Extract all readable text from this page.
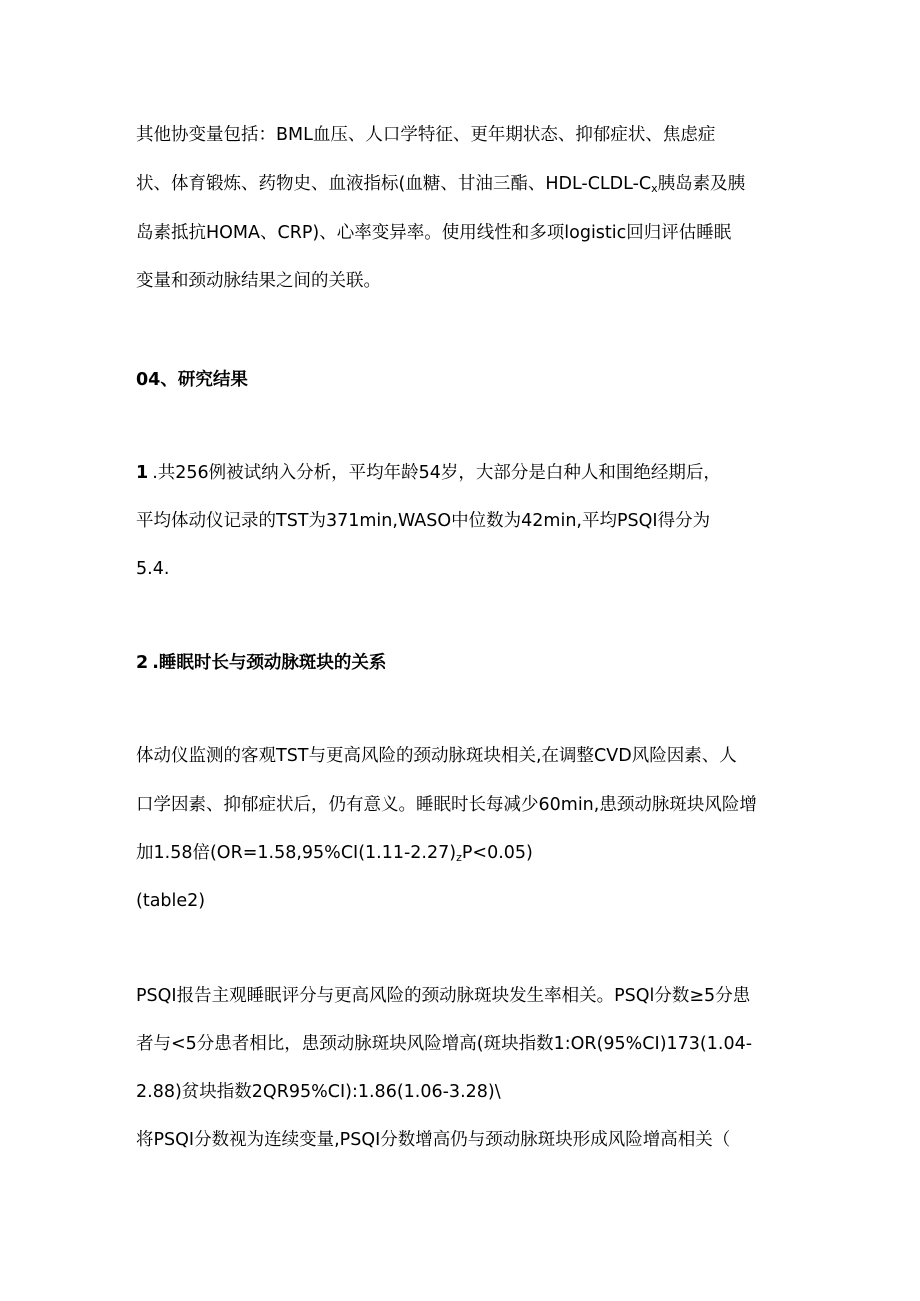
其他协变量包括：BML血压、人口学特征、更年期状态、抑郁症状、焦虑症
状、体育锻炼、药物史、血液指标(血糖、甘油三酯、HDL-$CLDL-C_x$胰岛素及胰
岛素抵抗HOMA、CRP)、心率变异率。使用线性和多项logistic回归评估睡眠
变量和颈动脉结果之间的关联。
04、研究结果
1 .共256例被试纳入分析，平均年龄54岁，大部分是白种人和围绝经期后，
平均体动仪记录的TST为371min,WASO中位数为42min,平均PSQI得分为
5.4.
2 .睡眠时长与颈动脉斑块的关系
体动仪监测的客观TST与更高风险的颈动脉斑块相关,在调整CVD风险因素、人
口学因素、抑郁症状后，仍有意义。睡眠时长每减少60min,患颈动脉斑块风险增
加1.58倍$(OR=1.58,95\%CI(1.11-2.27)_zP<0.05)$
(table2)
PSQI报告主观睡眠评分与更高风险的颈动脉斑块发生率相关。PSQl分数≥5分患
者与<5分患者相比，患颈动脉斑块风险增高(斑块指数1:OR(95%CI)173(1.04-
2.88)贫块指数2QR95%CI):1.86(1.06-3.28)\
将PSQI分数视为连续变量,PSQI分数增高仍与颈动脉斑块形成风险增高相关（
